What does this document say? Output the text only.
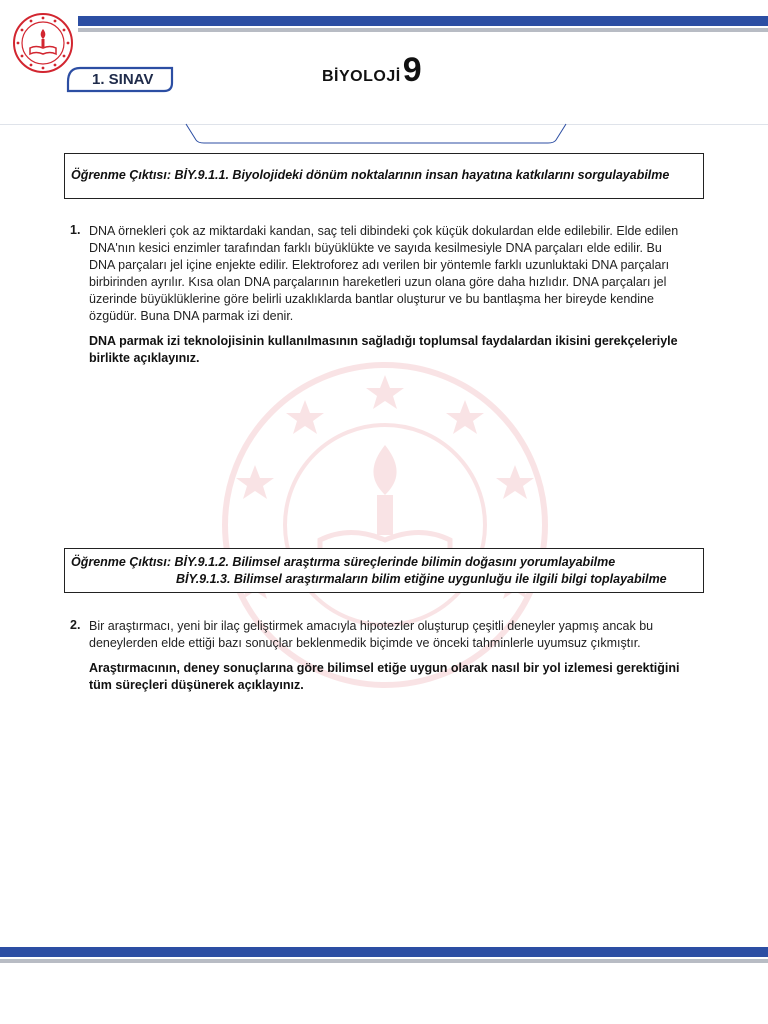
1. SINAV	BİYOLOJİ 9
Öğrenme Çıktısı: BİY.9.1.1. Biyolojideki dönüm noktalarının insan hayatına katkılarını sorgulayabilme
1. DNA örnekleri çok az miktardaki kandan, saç teli dibindeki çok küçük dokulardan elde edilebilir. Elde edilen

DNA'nın kesici enzimler tarafından farklı büyüklükte ve sayıda kesilmesiyle DNA parçaları elde edilir. Bu

DNA parçaları jel içine enjekte edilir. Elektroforez adı verilen bir yöntemle farklı uzunluktaki DNA parçaları

birbirinden ayrılır. Kısa olan DNA parçalarının hareketleri uzun olana göre daha hızlıdır. DNA parçaları jel

üzerinde büyüklüklerine göre belirli uzaklıklarda bantlar oluşturur ve bu bantlaşma her bireyde kendine

özgüdür. Buna DNA parmak izi denir.

DNA parmak izi teknolojisinin kullanılmasının sağladığı toplumsal faydalardan ikisini gerekçeleriyle
birlikte açıklayınız.
Öğrenme Çıktısı: BİY.9.1.2. Bilimsel araştırma süreçlerinde bilimin doğasını yorumlayabilme
BİY.9.1.3. Bilimsel araştırmaların bilim etiğine uygunluğu ile ilgili bilgi toplayabilme
2. Bir araştırmacı, yeni bir ilaç geliştirmek amacıyla hipotezler oluşturup çeşitli deneyler yapmış ancak bu

deneylerden elde ettiği bazı sonuçlar beklenmedik biçimde ve önceki tahminlerle uyumsuz çıkmıştır.

Araştırmacının, deney sonuçlarına göre bilimsel etiğe uygun olarak nasıl bir yol izlemesi gerektiğini
tüm süreçleri düşünerek açıklayınız.
